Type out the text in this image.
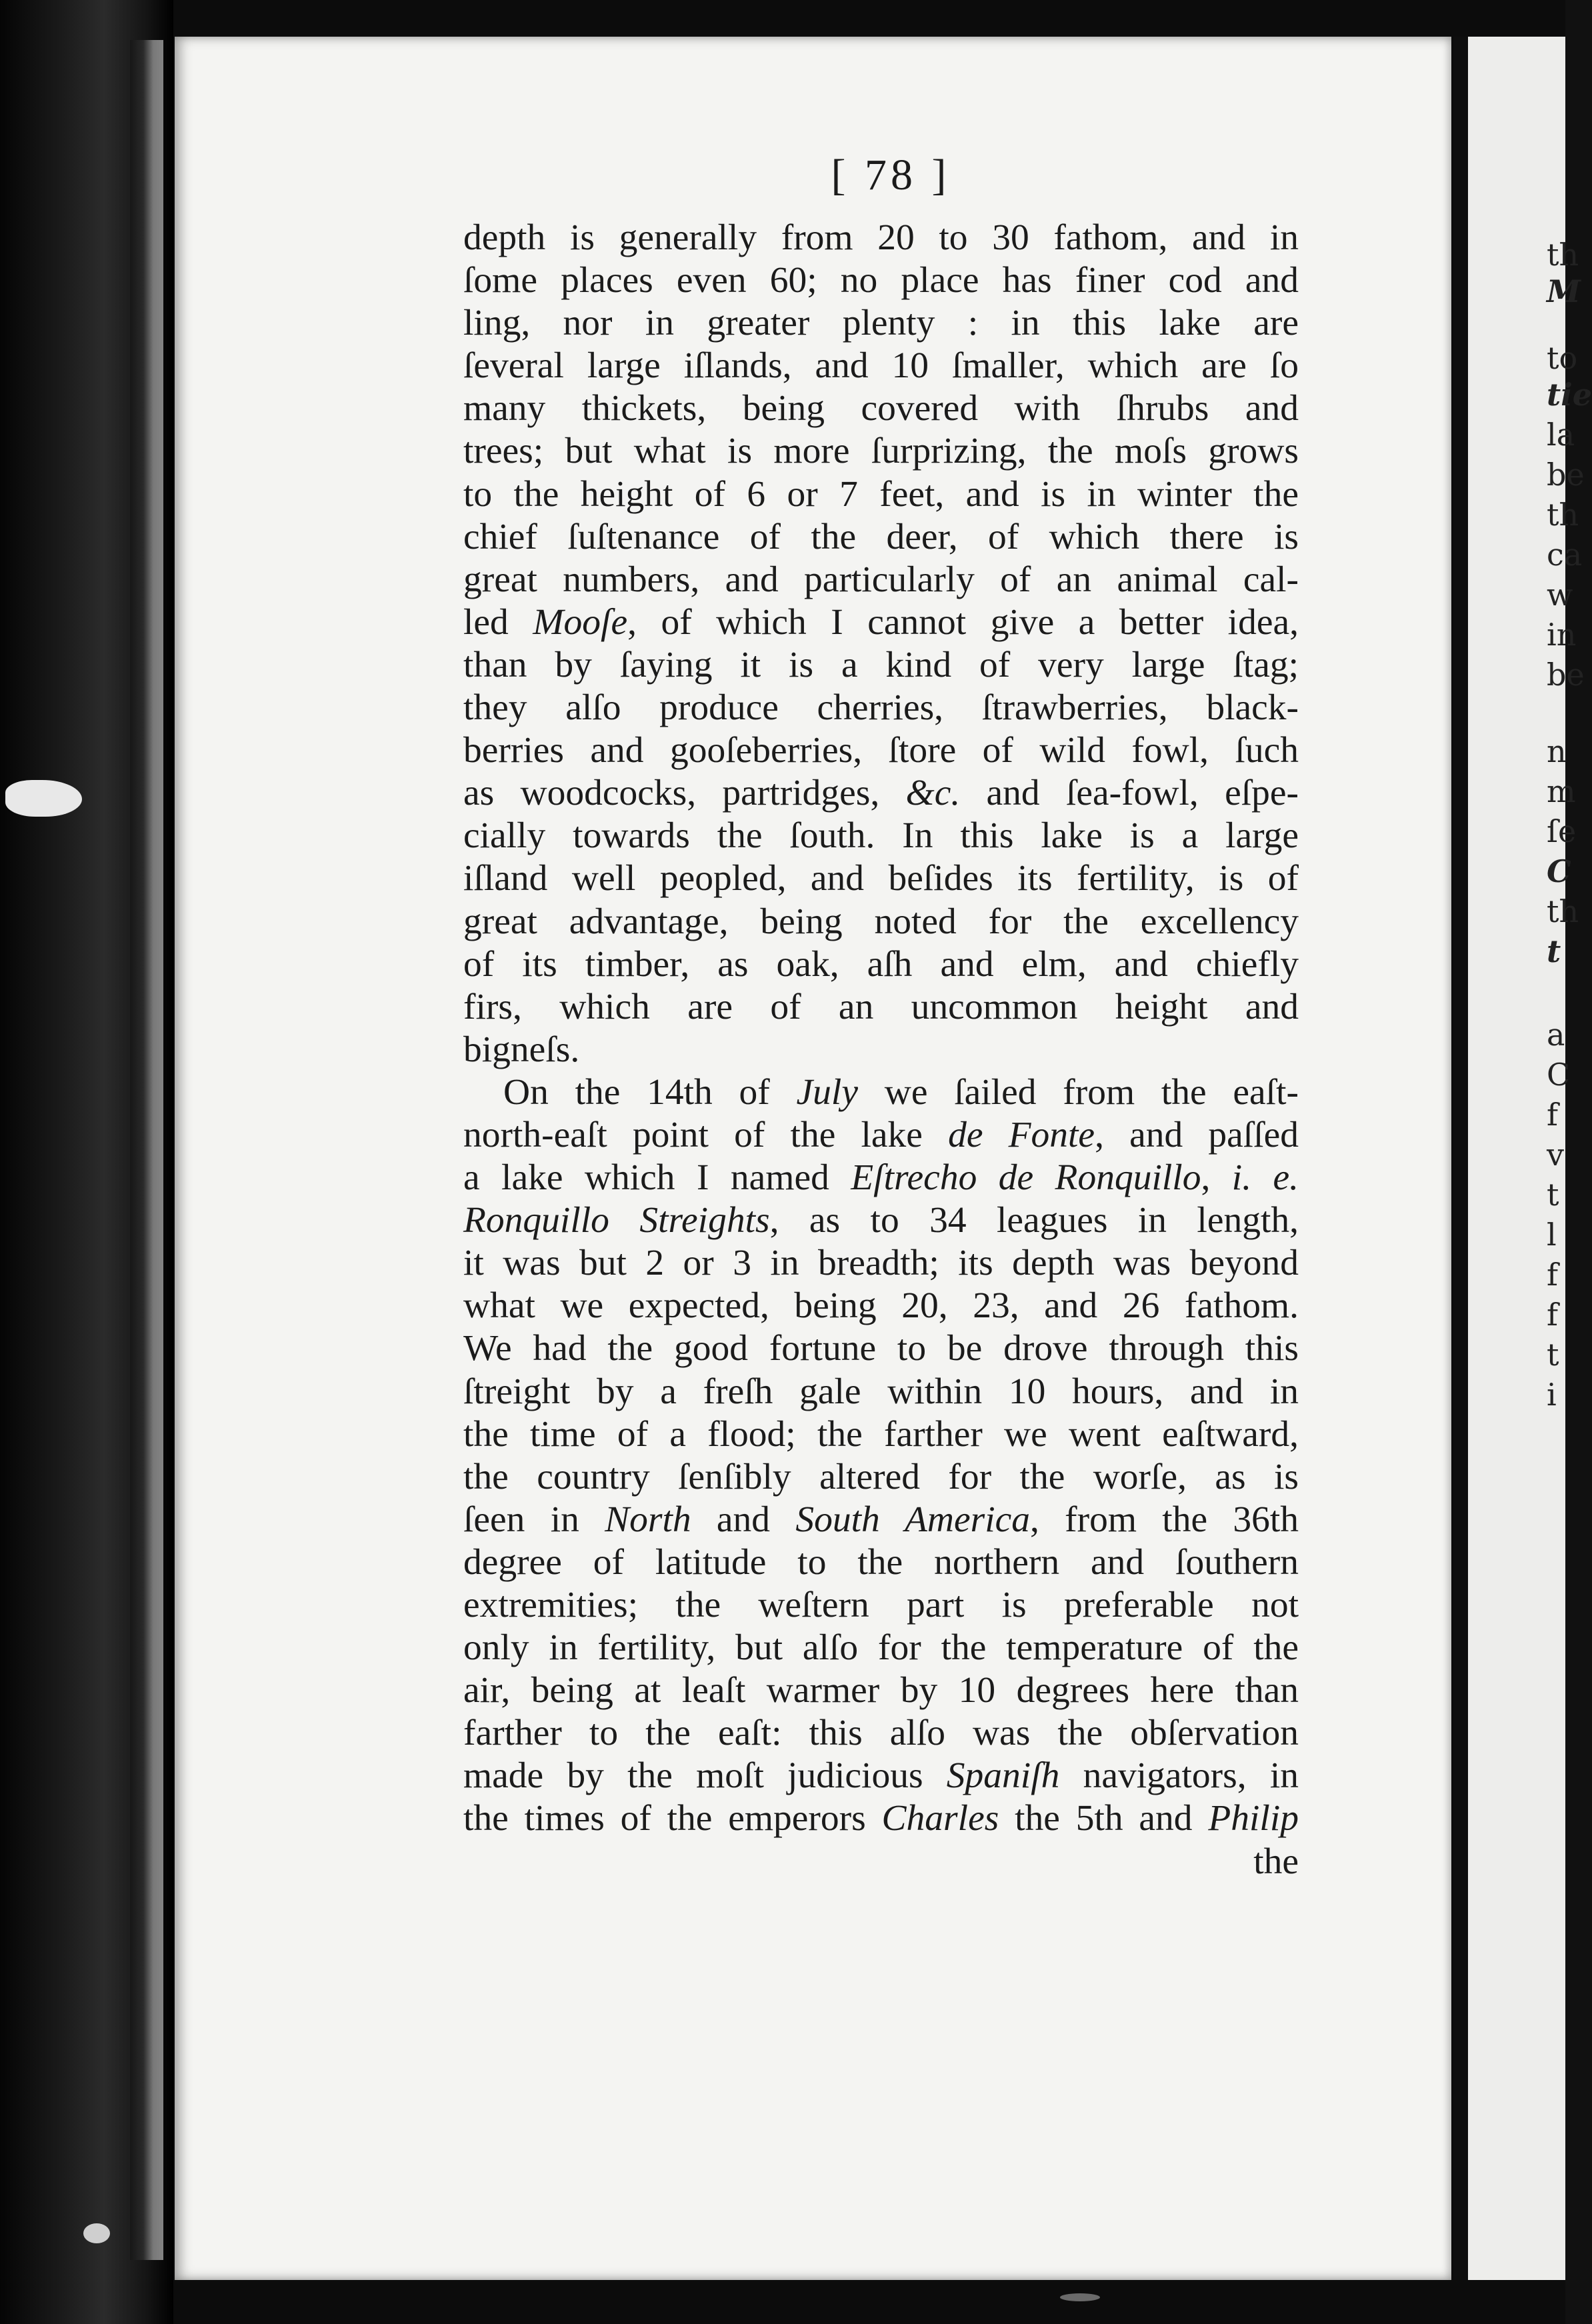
[ 78 ]
depth is generally from 20 to 30 fathom, and in
ſome places even 60; no place has finer cod and
ling, nor in greater plenty : in this lake are
ſeveral large iſlands, and 10 ſmaller, which are ſo
many thickets, being covered with ſhrubs and
trees; but what is more ſurprizing, the moſs grows
to the height of 6 or 7 feet, and is in winter the
chief ſuſtenance of the deer, of which there is
great numbers, and particularly of an animal cal-
led Mooſe, of which I cannot give a better idea,
than by ſaying it is a kind of very large ſtag;
they alſo produce cherries, ſtrawberries, black-
berries and gooſeberries, ſtore of wild fowl, ſuch
as woodcocks, partridges, &c. and ſea-fowl, eſpe-
cially towards the ſouth. In this lake is a large
iſland well peopled, and beſides its fertility, is of
great advantage, being noted for the excellency
of its timber, as oak, aſh and elm, and chiefly
firs, which are of an uncommon height and
bigneſs.
On the 14th of July we ſailed from the eaſt-
north-eaſt point of the lake de Fonte, and paſſed
a lake which I named Eſtrecho de Ronquillo, i. e.
Ronquillo Streights, as to 34 leagues in length,
it was but 2 or 3 in breadth; its depth was beyond
what we expected, being 20, 23, and 26 fathom.
We had the good fortune to be drove through this
ſtreight by a freſh gale within 10 hours, and in
the time of a flood; the farther we went eaſtward,
the country ſenſibly altered for the worſe, as is
ſeen in North and South America, from the 36th
degree of latitude to the northern and ſouthern
extremities; the weſtern part is preferable not
only in fertility, but alſo for the temperature of the
air, being at leaſt warmer by 10 degrees here than
farther to the eaſt: this alſo was the obſervation
made by the moſt judicious Spaniſh navigators, in
the times of the emperors Charles the 5th and Philip
the
th
M
to
tie
la
be
th
ca
w
in
be
n
m
ſe
C
th
t
a
C
f
v
t
l
f
f
t
i
